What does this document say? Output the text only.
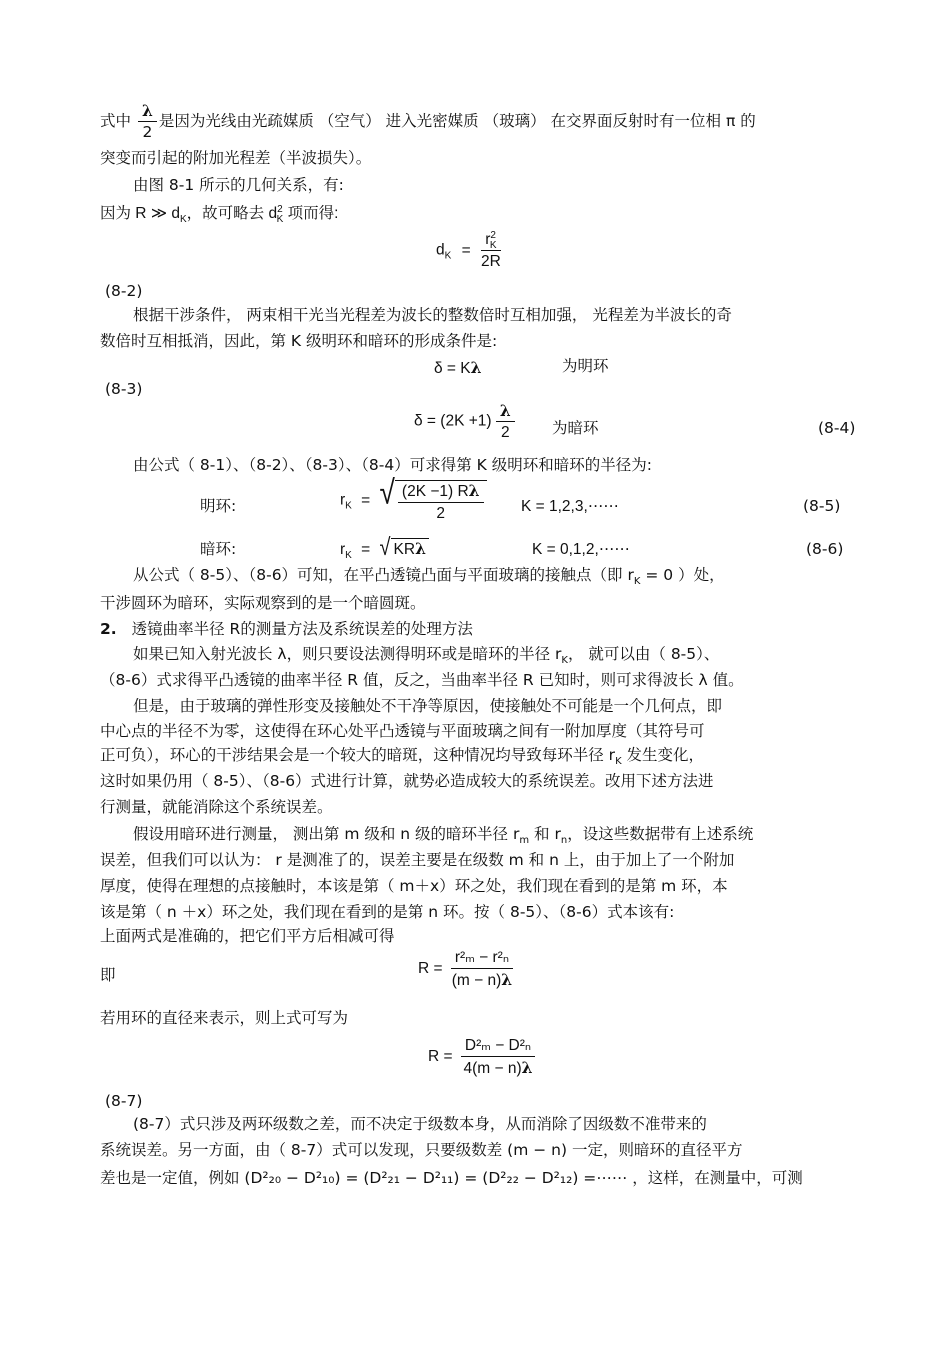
式中 $\frac{\lambda}{2}$ 是因为光线由光疏媒质 （空气） 进入光密媒质 （玻璃） 在交界面反射时有一位相 π 的
突变而引起的附加光程差（半波损失）。
由图 8-1 所示的几何关系，有:
因为 R ≫ $d_K$，故可略去 $d^2_K$ 项而得:
$d_K = \frac{r^2_K}{2R}$
(8-2)
根据干涉条件， 两束相干光当光程差为波长的整数倍时互相加强， 光程差为半波长的奇
数倍时互相抵消，因此，第 K 级明环和暗环的形成条件是:
δ = Kλ	为明环
(8-3)
$\delta = (2K +1) \frac{\lambda}{2}$ 为暗环	(8-4)
由公式（ 8-1）、（8-2）、（8-3）、（8-4）可求得第 K 级明环和暗环的半径为:
明环:	$r_K$ = √ $\frac{(2K -1) R\lambda}{2}$ K = 1,2,3,⋯⋯	(8-5)
暗环:	$r_K$ = √ KRλ	K = 0,1,2,⋯⋯	(8-6)
从公式（ 8-5）、（8-6）可知，在平凸透镜凸面与平面玻璃的接触点（即 $r_K = 0$ ）处，
干涉圆环为暗环，实际观察到的是一个暗圆斑。
2. 透镜曲率半径 R的测量方法及系统误差的处理方法
如果已知入射光波长 λ，则只要设法测得明环或是暗环的半径 $r_K$， 就可以由（ 8-5）、
（8-6）式求得平凸透镜的曲率半径 R 值，反之，当曲率半径 R 已知时，则可求得波长 λ 值。
但是，由于玻璃的弹性形变及接触处不干净等原因，使接触处不可能是一个几何点，即
中心点的半径不为零，这使得在环心处平凸透镜与平面玻璃之间有一附加厚度（其符号可
正可负），环心的干涉结果会是一个较大的暗斑，这种情况均导致每环半径 $r_K$ 发生变化，
这时如果仍用（ 8-5）、（8-6）式进行计算，就势必造成较大的系统误差。改用下述方法进
行测量，就能消除这个系统误差。
假设用暗环进行测量， 测出第 m 级和 n 级的暗环半径 $r_m$ 和 $r_n$，设这些数据带有上述系统
误差，但我们可以认为： r 是测准了的，误差主要是在级数 m 和 n 上，由于加上了一个附加
厚度，使得在理想的点接触时，本该是第（ m＋x）环之处，我们现在看到的是第 m 环，本
该是第（ n ＋x）环之处，我们现在看到的是第 n 环。按（ 8-5）、（8-6）式本该有:
上面两式是准确的，把它们平方后相减可得
即	$R = \frac{\text{r²ₘ − r²ₙ}}{(m - n)\lambda}$
若用环的直径来表示，则上式可写为
$R = \frac{\text{D²ₘ − D²ₙ}}{4(m - n)\lambda}$
(8-7)
(8-7）式只涉及两环级数之差，而不决定于级数本身，从而消除了因级数不准带来的
系统误差。另一方面，由（ 8-7）式可以发现，只要级数差 (m − n) 一定，则暗环的直径平方
差也是一定值，例如 (D²₂₀ − D²₁₀) = (D²₂₁ − D²₁₁) = (D²₂₂ − D²₁₂) =⋯⋯ ，这样，在测量中，可测
